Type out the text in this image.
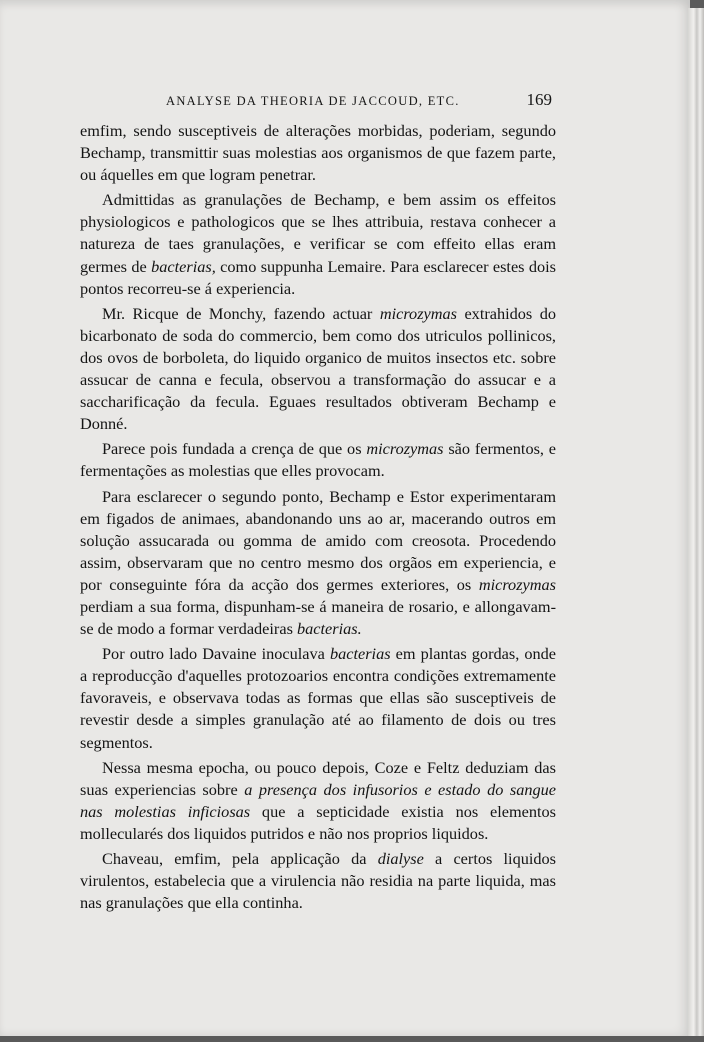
ANALYSE DA THEORIA DE JACCOUD, ETC.	169

emfim, sendo susceptiveis de alterações morbidas, poderiam, segundo Bechamp, transmittir suas molestias aos organismos de que fazem parte, ou áquelles em que logram penetrar.

Admittidas as granulações de Bechamp, e bem assim os effeitos physiologicos e pathologicos que se lhes attribuia, restava conhecer a natureza de taes granulações, e verificar se com effeito ellas eram germes de bacterias, como suppunha Lemaire. Para esclarecer estes dois pontos recorreu-se á experiencia.

Mr. Ricque de Monchy, fazendo actuar microzymas extrahidos do bicarbonato de soda do commercio, bem como dos utriculos pollinicos, dos ovos de borboleta, do liquido organico de muitos insectos etc. sobre assucar de canna e fecula, observou a transformação do assucar e a saccharificação da fecula. Eguaes resultados obtiveram Bechamp e Donné.

Parece pois fundada a crença de que os microzymas são fermentos, e fermentações as molestias que elles provocam.

Para esclarecer o segundo ponto, Bechamp e Estor experimentaram em figados de animaes, abandonando uns ao ar, macerando outros em solução assucarada ou gomma de amido com creosota. Procedendo assim, observaram que no centro mesmo dos orgãos em experiencia, e por conseguinte fóra da acção dos germes exteriores, os microzymas perdiam a sua forma, dispunham-se á maneira de rosario, e allongavam-se de modo a formar verdadeiras bacterias.

Por outro lado Davaine inoculava bacterias em plantas gordas, onde a reproducção d'aquelles protozoarios encontra condições extremamente favoraveis, e observava todas as formas que ellas são susceptiveis de revestir desde a simples granulação até ao filamento de dois ou tres segmentos.

Nessa mesma epocha, ou pouco depois, Coze e Feltz deduziam das suas experiencias sobre a presença dos infusorios e estado do sangue nas molestias inficiosas que a septicidade existia nos elementos mollecularés dos liquidos putridos e não nos proprios liquidos.

Chaveau, emfim, pela applicação da dialyse a certos liquidos virulentos, estabelecia que a virulencia não residia na parte liquida, mas nas granulações que ella continha.
